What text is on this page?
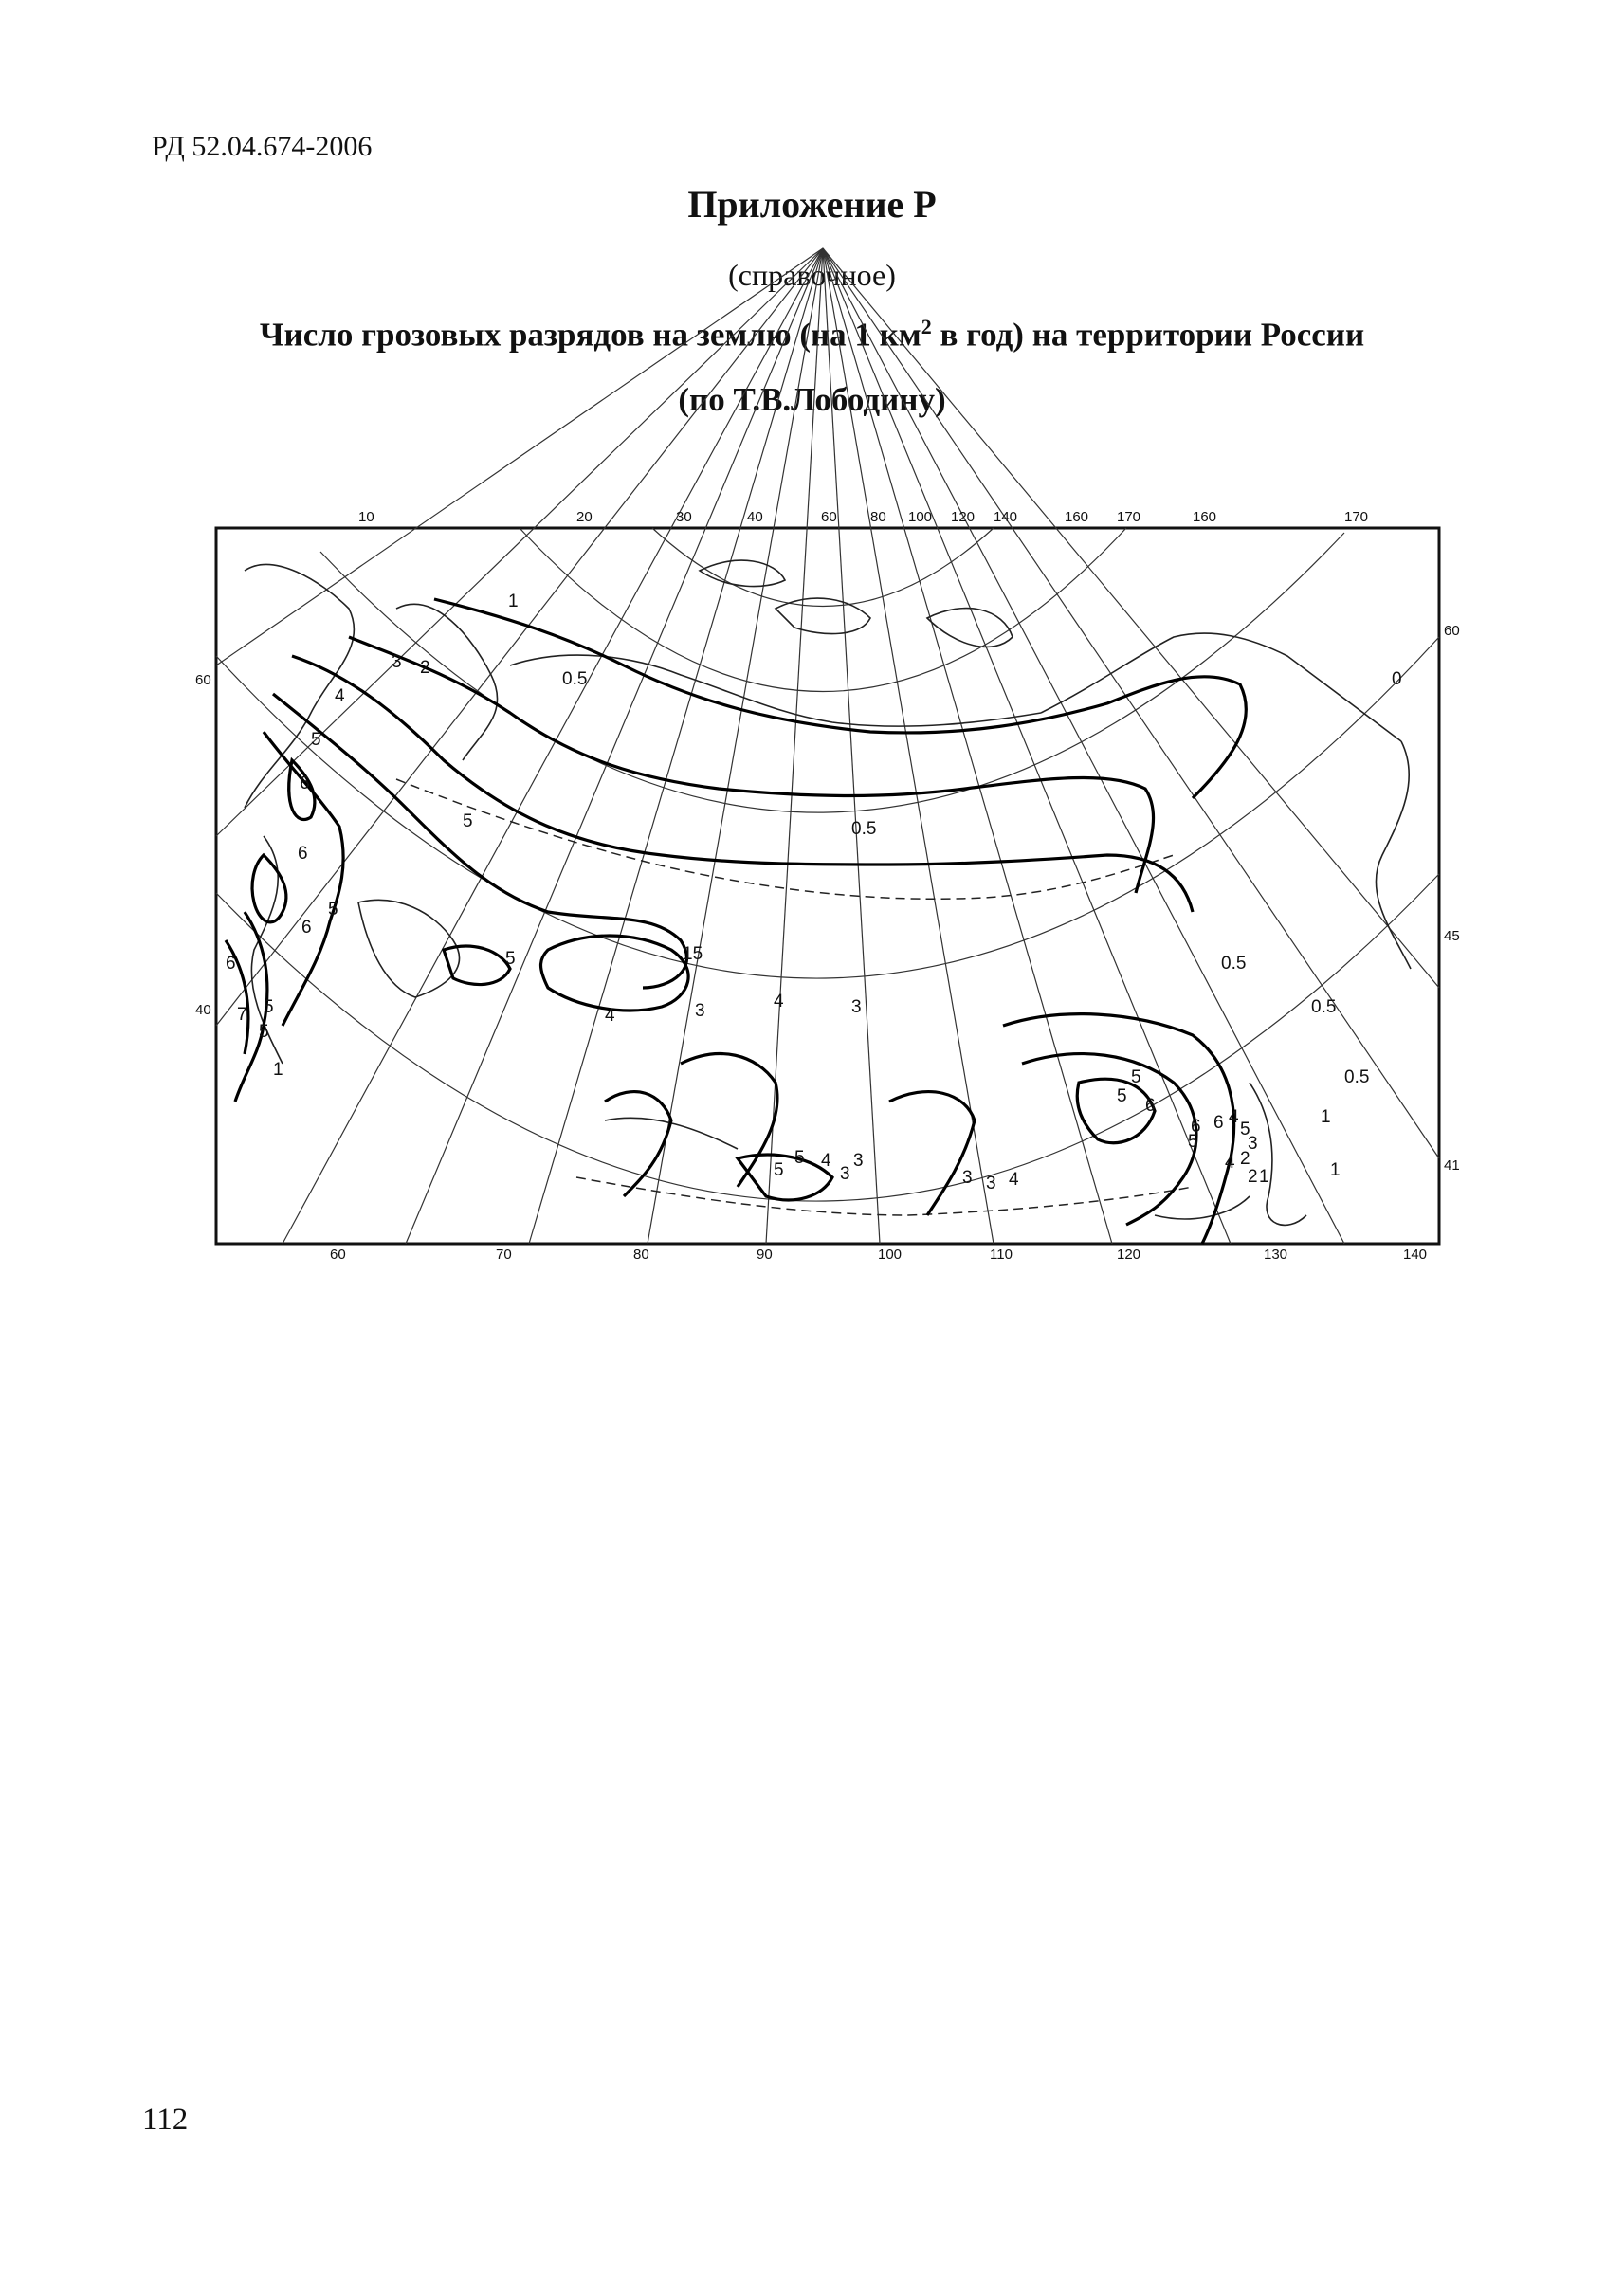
РД 52.04.674-2006
Приложение Р
(справочное)
Число грозовых разрядов на землю (на 1 $км^2$ в год) на территории России
(по Т.В.Лободину)
10	20	30	40	60 80 100 120 140	160 170	160	170
60	70	80	90	100	110	120	130	140
60
40
60
45
41
1
0.5
2
3
4
5
6
5
6
6
5
6
5
7
5
5
1
0.5
15
4	3
5
5 4
3
3
3 3 4
5
6
5
6 4
3
2
1	1
0.5
0.5
0.5
1
0
3
4
5
6
5
4
2
112
